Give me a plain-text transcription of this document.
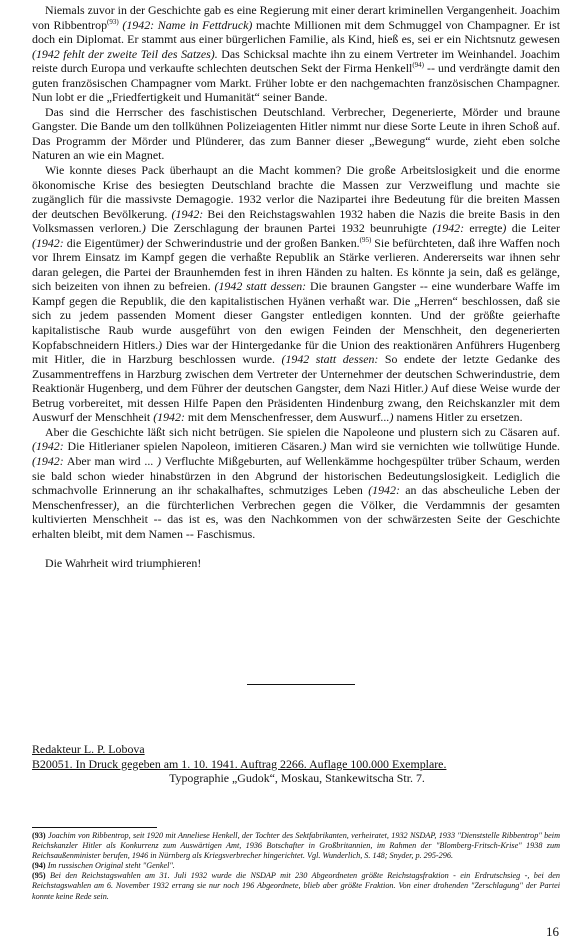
Niemals zuvor in der Geschichte gab es eine Regierung mit einer derart kriminellen Vergangenheit. Joachim von Ribbentrop$^{(93)}$ (1942: Name in Fettdruck) machte Millionen mit dem Schmuggel von Champagner. Er ist doch ein Diplomat. Er stammt aus einer bürgerlichen Familie, als Kind, hieß es, sei er ein Nichtsnutz gewesen (1942 fehlt der zweite Teil des Satzes). Das Schicksal machte ihn zu einem Vertreter im Weinhandel. Joachim reiste durch Europa und verkaufte schlechten deutschen Sekt der Firma Henkell$^{(94)}$ -- und verdrängte damit den guten französischen Champagner vom Markt. Früher lobte er den nachgemachten französischen Champagner. Nun lobt er die „Friedfertigkeit und Humanität“ seiner Bande.

Das sind die Herrscher des faschistischen Deutschland. Verbrecher, Degenerierte, Mörder und braune Gangster. Die Bande um den tollkühnen Polizeiagenten Hitler nimmt nur diese Sorte Leute in ihren Schoß auf. Das Programm der Mörder und Plünderer, das zum Banner dieser „Bewegung“ wurde, zieht eben solche Naturen an wie ein Magnet.

Wie konnte dieses Pack überhaupt an die Macht kommen? Die große Arbeitslosigkeit und die enorme ökonomische Krise des besiegten Deutschland brachte die Massen zur Verzweiflung und machte sie zugänglich für die massivste Demagogie. 1932 verlor die Nazipartei ihre Bedeutung für die breiten Massen der deutschen Bevölkerung. (1942: Bei den Reichstagswahlen 1932 haben die Nazis die breite Basis in den Volksmassen verloren.) Die Zerschlagung der braunen Partei 1932 beunruhigte (1942: erregte) die Leiter (1942: die Eigentümer) der Schwerindustrie und der großen Banken.$^{(95)}$ Sie befürchteten, daß ihre Waffen noch vor Ihrem Einsatz im Kampf gegen die verhaßte Republik an Stärke verlieren. Andererseits war ihnen sehr daran gelegen, die Partei der Braunhemden fest in ihren Händen zu halten. Es könnte ja sein, daß es gelänge, sich beizeiten von ihnen zu befreien. (1942 statt dessen: Die braunen Gangster -- eine wunderbare Waffe im Kampf gegen die Republik, die den kapitalistischen Hyänen verhaßt war. Die „Herren“ beschlossen, daß sie sich zu jedem passenden Moment dieser Gangster entledigen konnten. Und der größte geierhafte kapitalistische Raub wurde ausgeführt von den ewigen Feinden der Menschheit, den degenerierten Kopfabschneidern Hitlers.) Dies war der Hintergedanke für die Union des reaktionären Anführers Hugenberg mit Hitler, die in Harzburg beschlossen wurde. (1942 statt dessen: So endete der letzte Gedanke des Zusammentreffens in Harzburg zwischen dem Vertreter der Unternehmer der deutschen Schwerindustrie, dem Reaktionär Hugenberg, und dem Führer der deutschen Gangster, dem Nazi Hitler.) Auf diese Weise wurde der Betrug vorbereitet, mit dessen Hilfe Papen den Präsidenten Hindenburg zwang, den Reichskanzler mit dem Auswurf der Menschheit (1942: mit dem Menschenfresser, dem Auswurf...) namens Hitler zu ersetzen.

Aber die Geschichte läßt sich nicht betrügen. Sie spielen die Napoleone und plustern sich zu Cäsaren auf. (1942: Die Hitlerianer spielen Napoleon, imitieren Cäsaren.) Man wird sie vernichten wie tollwütige Hunde. (1942: Aber man wird ... ) Verfluchte Mißgeburten, auf Wellenkämme hochgespülter trüber Schaum, werden sie bald schon wieder hinabstürzen in den Abgrund der historischen Bedeutungslosigkeit. Lediglich die schmachvolle Erinnerung an ihr schakalhaftes, schmutziges Leben (1942: an das abscheuliche Leben der Menschenfresser), an die fürchterlichen Verbrechen gegen die Völker, die Verdammnis der gesamten kultivierten Menschheit -- das ist es, was den Nachkommen von der schwärzesten Seite der Geschichte erhalten bleibt, mit dem Namen -- Faschismus.

Die Wahrheit wird triumphieren!

Redakteur L. P. Lobova
B20051. In Druck gegeben am 1. 10. 1941. Auftrag 2266. Auflage 100.000 Exemplare.
Typographie „Gudok“, Moskau, Stankewitscha Str. 7.

(93) Joachim von Ribbentrop, seit 1920 mit Anneliese Henkell, der Tochter des Sektfabrikanten, verheiratet, 1932 NSDAP, 1933 "Dienststelle Ribbentrop" beim Reichskanzler Hitler als Konkurrenz zum Auswärtigen Amt, 1936 Botschafter in Großbritannien, im Rahmen der "Blomberg-Fritsch-Krise" 1938 zum Reichsaußenminister berufen, 1946 in Nürnberg als Kriegsverbrecher hingerichtet. Vgl. Wunderlich, S. 148; Snyder, p. 295-296.

(94) Im russischen Original steht "Genkel".

(95) Bei den Reichstagswahlen am 31. Juli 1932 wurde die NSDAP mit 230 Abgeordneten größte Reichstagsfraktion - ein Erdrutschsieg -, bei den Reichstagswahlen am 6. November 1932 errang sie nur noch 196 Abgeordnete, blieb aber größte Fraktion. Von einer drohenden "Zerschlagung" der Partei konnte keine Rede sein.

16
